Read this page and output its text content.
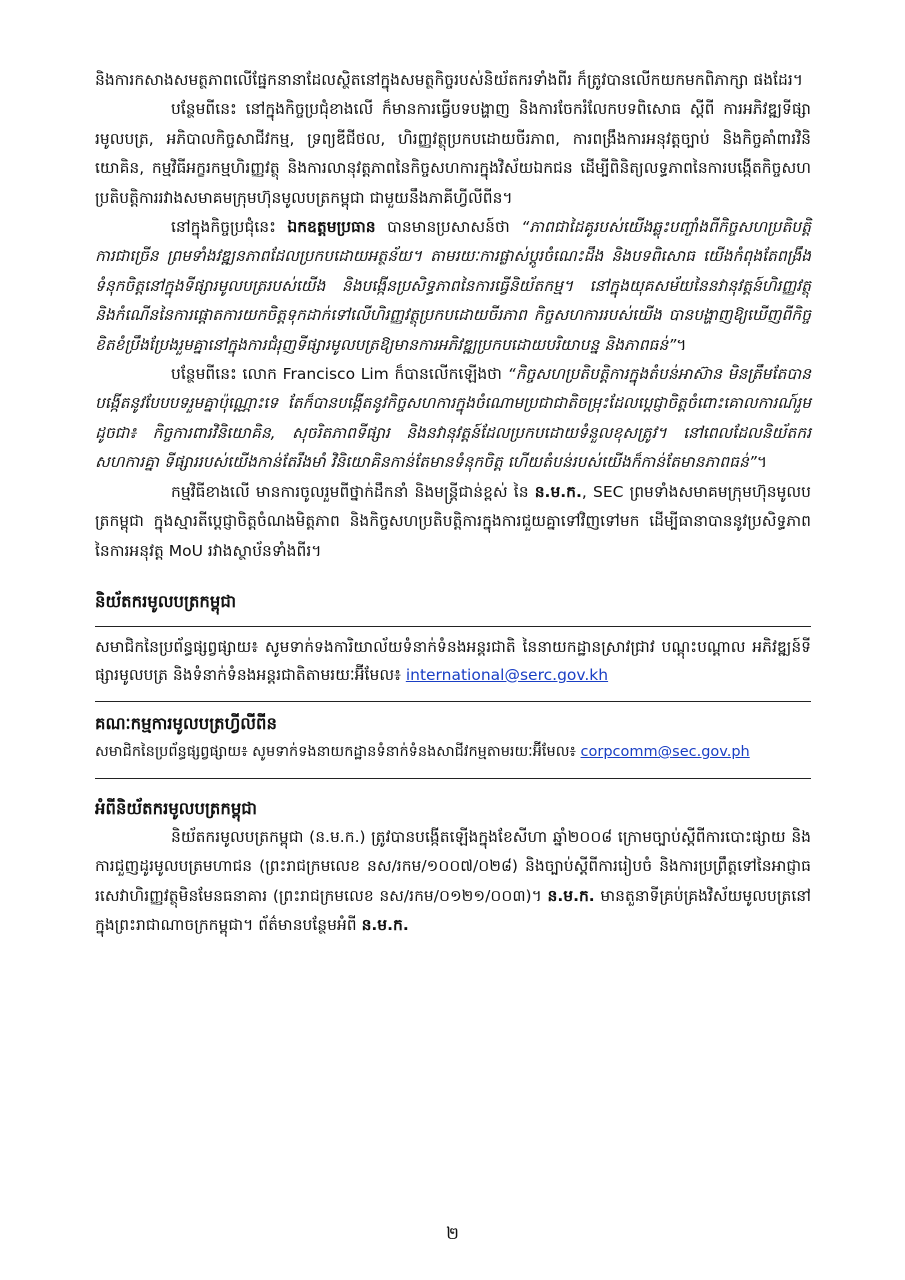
និងការកសាងសមត្ថភាពលើផ្នែកនានាដែលស្ថិតនៅក្នុងសមត្ថកិច្ចរបស់និយ័តករទាំងពីរ ក៏ត្រូវបានលើកយកមកពិភាក្សា ផងដែរ។

បន្ថែមពីនេះ នៅក្នុងកិច្ចប្រជុំខាងលើ ក៏មានការធ្វើបទបង្ហាញ និងការចែករំលែកបទពិសោធ ស្ដីពី ការអភិវឌ្ឍទីផ្សារមូលបត្រ, អភិបាលកិច្ចសាជីវកម្ម, ទ្រព្យឌីជីថល, ហិរញ្ញវត្ថុប្រកបដោយចីរភាព, ការពង្រឹងការអនុវត្តច្បាប់ និងកិច្ចគាំពារវិនិយោគិន, កម្មវិធីអក្ខរកម្មហិរញ្ញវត្ថុ និងការលានុវត្តភាពនៃកិច្ចសហការក្នុងវិស័យឯកជន ដើម្បីពិនិត្យលទ្ធភាពនៃការបង្កើតកិច្ចសហប្រតិបត្តិការរវាងសមាគមក្រុមហ៊ុនមូលបត្រកម្ពុជា ជាមួយនឹងភាគីហ្វីលីពីន។

នៅក្នុងកិច្ចប្រជុំនេះ ឯកឧត្តមប្រធាន បានមានប្រសាសន៍ថា “ភាពជាដៃគូរបស់យើងឆ្លុះបញ្ចាំងពីកិច្ចសហប្រតិបត្តិការជាច្រើន ព្រមទាំងវឌ្ឍនភាពដែលប្រកបដោយអត្ថន័យ។ តាមរយៈការផ្លាស់ប្តូរចំណេះដឹង និងបទពិសោធ យើងកំពុងតែពង្រឹងទំនុកចិត្តនៅក្នុងទីផ្សារមូលបត្ររបស់យើង និងបង្កើនប្រសិទ្ធភាពនៃការធ្វើនិយ័តកម្ម។ នៅក្នុងយុគសម័យនៃនវានុវត្តន៍ហិរញ្ញវត្ថុ និងកំណើននៃការផ្តោតការយកចិត្តទុកដាក់ទៅលើហិរញ្ញវត្ថុប្រកបដោយចីរភាព កិច្ចសហការរបស់យើង បានបង្ហាញឱ្យឃើញពីកិច្ចខិតខំប្រឹងប្រែងរួមគ្នានៅក្នុងការជំរុញទីផ្សារមូលបត្រឱ្យមានការអភិវឌ្ឍប្រកបដោយបរិយាបន្ន និងភាពធន់”។

បន្ថែមពីនេះ លោក Francisco Lim ក៏បានលើកឡើងថា “កិច្ចសហប្រតិបត្តិការក្នុងតំបន់អាស៊ាន មិនត្រឹមតែបានបង្កើតនូវបែបបទរួមគ្នាប៉ុណ្ណោះទេ តែក៏បានបង្កើតនូវកិច្ចសហការក្នុងចំណោមប្រជាជាតិចម្រុះដែលប្តេជ្ញាចិត្តចំពោះគោលការណ៍រួមដូចជា៖ កិច្ចការពារវិនិយោគិន, សុចរិតភាពទីផ្សារ និងនវានុវត្តន៍ដែលប្រកបដោយទំនួលខុសត្រូវ។ នៅពេលដែលនិយ័តករសហការគ្នា ទីផ្សាររបស់យើងកាន់តែរឹងមាំ វិនិយោគិនកាន់តែមានទំនុកចិត្ត ហើយតំបន់របស់យើងក៏កាន់តែមានភាពធន់”។

កម្មវិធីខាងលើ មានការចូលរួមពីថ្នាក់ដឹកនាំ និងមន្ត្រីជាន់ខ្ពស់ នៃ ន.ម.ក., SEC ព្រមទាំងសមាគមក្រុមហ៊ុនមូលបត្រកម្ពុជា ក្នុងស្មារតីប្តេជ្ញាចិត្តចំណងមិត្តភាព និងកិច្ចសហប្រតិបត្តិការក្នុងការជួយគ្នាទៅវិញទៅមក ដើម្បីធានាបាននូវប្រសិទ្ធភាពនៃការអនុវត្ត MoU រវាងស្ថាប័នទាំងពីរ។

និយ័តករមូលបត្រកម្ពុជា

សមាជិកនៃប្រព័ន្ធផ្សព្វផ្សាយ៖ សូមទាក់ទងការិយាល័យទំនាក់ទំនងអន្តរជាតិ នៃនាយកដ្ឋានស្រាវជ្រាវ បណ្តុះបណ្តាល អភិវឌ្ឍន៍ទីផ្សារមូលបត្រ និងទំនាក់ទំនងអន្តរជាតិតាមរយៈអ៊ីមែល៖ international@serc.gov.kh

គណៈកម្មការមូលបត្រហ្វីលីពីន

សមាជិកនៃប្រព័ន្ធផ្សព្វផ្សាយ៖ សូមទាក់ទងនាយកដ្ឋានទំនាក់ទំនងសាជីវកម្មតាមរយៈអ៊ីមែល៖ corpcomm@sec.gov.ph

អំពីនិយ័តករមូលបត្រកម្ពុជា

និយ័តករមូលបត្រកម្ពុជា (ន.ម.ក.) ត្រូវបានបង្កើតឡើងក្នុងខែសីហា ឆ្នាំ២០០៨ ក្រោមច្បាប់ស្តីពីការបោះផ្សាយ និងការជួញដូរមូលបត្រមហាជន (ព្រះរាជក្រមលេខ នស/រកម/១០០៧/០២៨) និងច្បាប់ស្តីពីការរៀបចំ និងការប្រព្រឹត្តទៅនៃអាជ្ញាធរសេវាហិរញ្ញវត្ថុមិនមែនធនាគារ (ព្រះរាជក្រមលេខ នស/រកម/០១២១/០០៣)។ ន.ម.ក. មានតួនាទីគ្រប់គ្រងវិស័យមូលបត្រនៅក្នុងព្រះរាជាណាចក្រកម្ពុជា។ ព័ត៌មានបន្ថែមអំពី ន.ម.ក.

២
